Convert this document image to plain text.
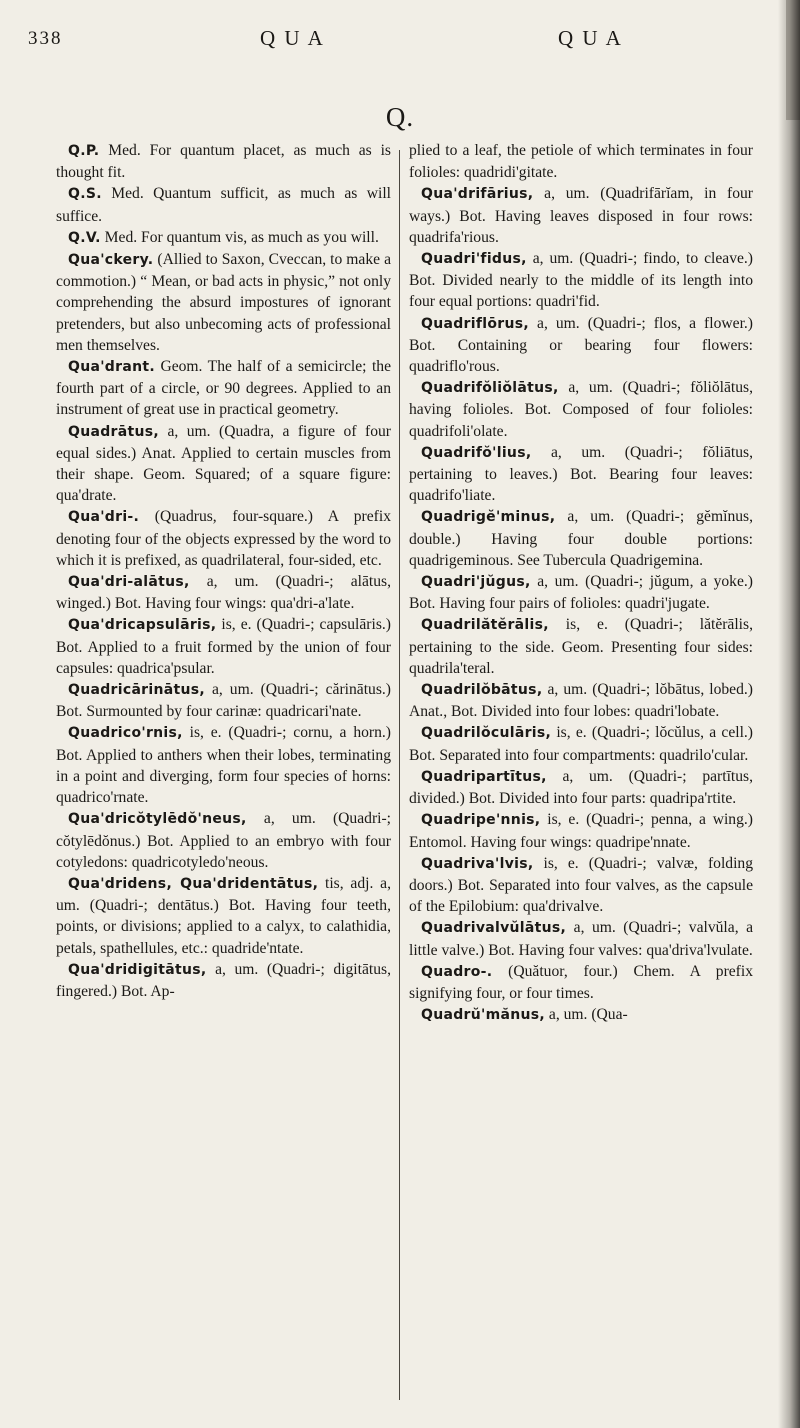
338	Q U A	Q U A
Q.

Q.P. Med. For quantum placet, as much as is thought fit.

Q.S. Med. Quantum sufficit, as much as will suffice.

Q.V. Med. For quantum vis, as much as you will.

Qua'ckery. (Allied to Saxon, Cveccan, to make a commotion.) “ Mean, or bad acts in physic,” not only comprehending the absurd impostures of ignorant pretenders, but also unbecoming acts of professional men themselves.

Qua'drant. Geom. The half of a semicircle; the fourth part of a circle, or 90 degrees. Applied to an instrument of great use in practical geometry.

Quadrātus, a, um. (Quadra, a figure of four equal sides.) Anat. Applied to certain muscles from their shape. Geom. Squared; of a square figure: qua'drate.

Qua'dri-. (Quadrus, four-square.) A prefix denoting four of the objects expressed by the word to which it is prefixed, as quadrilateral, four-sided, etc.

Qua'dri-alātus, a, um. (Quadri-; alātus, winged.) Bot. Having four wings: qua'dri-a'late.

Qua'dricapsulāris, is, e. (Quadri-; capsulāris.) Bot. Applied to a fruit formed by the union of four capsules: quadrica'psular.

Quadricārinātus, a, um. (Quadri-; cărinātus.) Bot. Surmounted by four carinæ: quadricari'nate.

Quadrico'rnis, is, e. (Quadri-; cornu, a horn.) Bot. Applied to anthers when their lobes, terminating in a point and diverging, form four species of horns: quadrico'rnate.

Qua'dricŏtylēdŏ'neus, a, um. (Quadri-; cŏtylēdŏnus.) Bot. Applied to an embryo with four cotyledons: quadricotyledo'neous.

Qua'dridens, Qua'dridentātus, tis, adj. a, um. (Quadri-; dentātus.) Bot. Having four teeth, points, or divisions; applied to a calyx, to calathidia, petals, spathellules, etc.: quadride'ntate.

Qua'dridigitātus, a, um. (Quadri-; digitātus, fingered.) Bot. Ap-

plied to a leaf, the petiole of which terminates in four folioles: quadridi'gitate.

Qua'drifārius, a, um. (Quadrifārĭam, in four ways.) Bot. Having leaves disposed in four rows: quadrifa'rious.

Quadri'fidus, a, um. (Quadri-; findo, to cleave.) Bot. Divided nearly to the middle of its length into four equal portions: quadri'fid.

Quadriflōrus, a, um. (Quadri-; flos, a flower.) Bot. Containing or bearing four flowers: quadriflo'rous.

Quadrifŏliŏlātus, a, um. (Quadri-; fŏliŏlātus, having folioles. Bot. Composed of four folioles: quadrifoli'olate.

Quadrifŏ'lius, a, um. (Quadri-; fŏliātus, pertaining to leaves.) Bot. Bearing four leaves: quadrifo'liate.

Quadrigĕ'minus, a, um. (Quadri-; gĕmĭnus, double.) Having four double portions: quadrigeminous. See Tubercula Quadrigemina.

Quadri'jŭgus, a, um. (Quadri-; jŭgum, a yoke.) Bot. Having four pairs of folioles: quadri'jugate.

Quadrilătĕrālis, is, e. (Quadri-; lătĕrālis, pertaining to the side. Geom. Presenting four sides: quadrila'teral.

Quadrilŏbātus, a, um. (Quadri-; lŏbātus, lobed.) Anat., Bot. Divided into four lobes: quadri'lobate.

Quadrilŏculāris, is, e. (Quadri-; lŏcŭlus, a cell.) Bot. Separated into four compartments: quadrilo'cular.

Quadripartītus, a, um. (Quadri-; partītus, divided.) Bot. Divided into four parts: quadripa'rtite.

Quadripe'nnis, is, e. (Quadri-; penna, a wing.) Entomol. Having four wings: quadripe'nnate.

Quadriva'lvis, is, e. (Quadri-; valvæ, folding doors.) Bot. Separated into four valves, as the capsule of the Epilobium: qua'drivalve.

Quadrivalvŭlātus, a, um. (Quadri-; valvŭla, a little valve.) Bot. Having four valves: qua'driva'lvulate.

Quadro-. (Quătuor, four.) Chem. A prefix signifying four, or four times.

Quadrŭ'mănus, a, um. (Qua-
